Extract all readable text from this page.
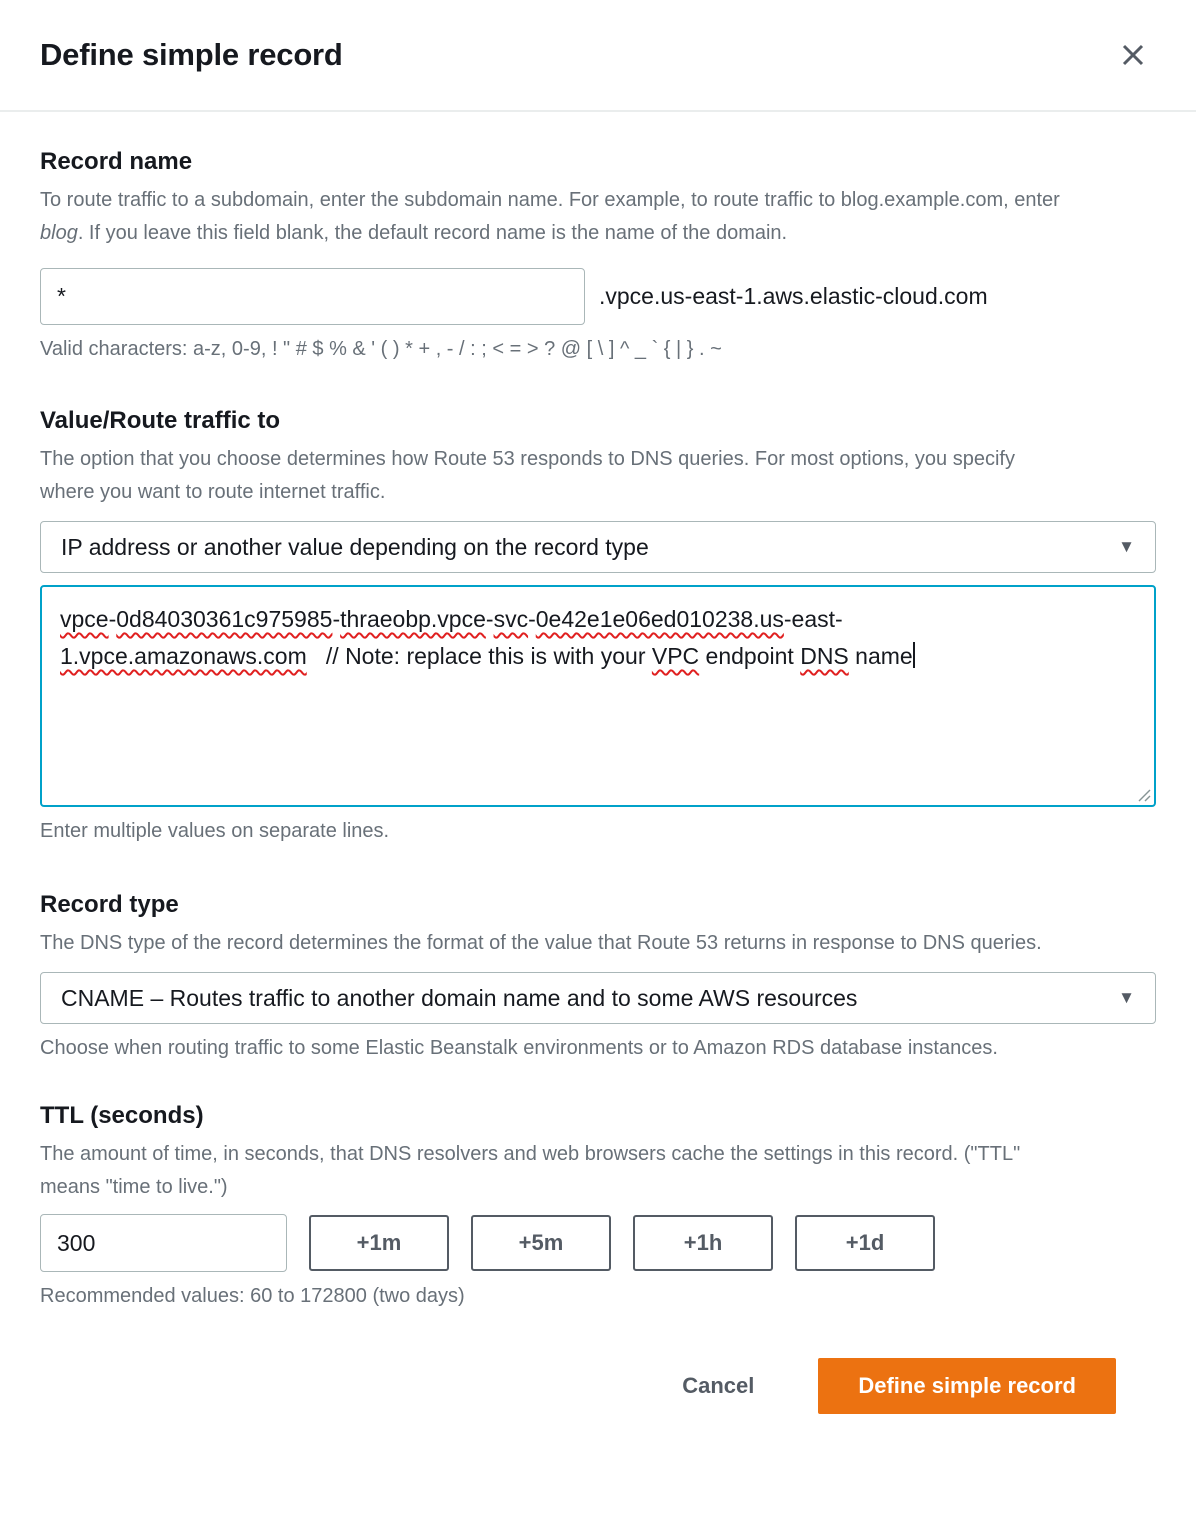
Define simple record
Record name

To route traffic to a subdomain, enter the subdomain name. For example, to route traffic to blog.example.com, enter blog. If you leave this field blank, the default record name is the name of the domain.

*
.vpce.us-east-1.aws.elastic-cloud.com
Valid characters: a-z, 0-9, ! " # $ % & ' ( ) * + , - / : ; < = > ? @ [ \ ] ^ _ ` { | } . ~
Value/Route traffic to

The option that you choose determines how Route 53 responds to DNS queries. For most options, you specify where you want to route internet traffic.

IP address or another value depending on the record type	▼
vpce-0d84030361c975985-thraeobp.vpce-svc-0e42e1e06ed010238.us-east-
1.vpce.amazonaws.com   // Note: replace this is with your VPC endpoint DNS name

Enter multiple values on separate lines.
Record type

The DNS type of the record determines the format of the value that Route 53 returns in response to DNS queries.

CNAME – Routes traffic to another domain name and to some AWS resources	▼
Choose when routing traffic to some Elastic Beanstalk environments or to Amazon RDS database instances.
TTL (seconds)

The amount of time, in seconds, that DNS resolvers and web browsers cache the settings in this record. ("TTL" means "time to live.")

300
+1m	+5m	+1h	+1d
Recommended values: 60 to 172800 (two days)
Cancel	Define simple record
